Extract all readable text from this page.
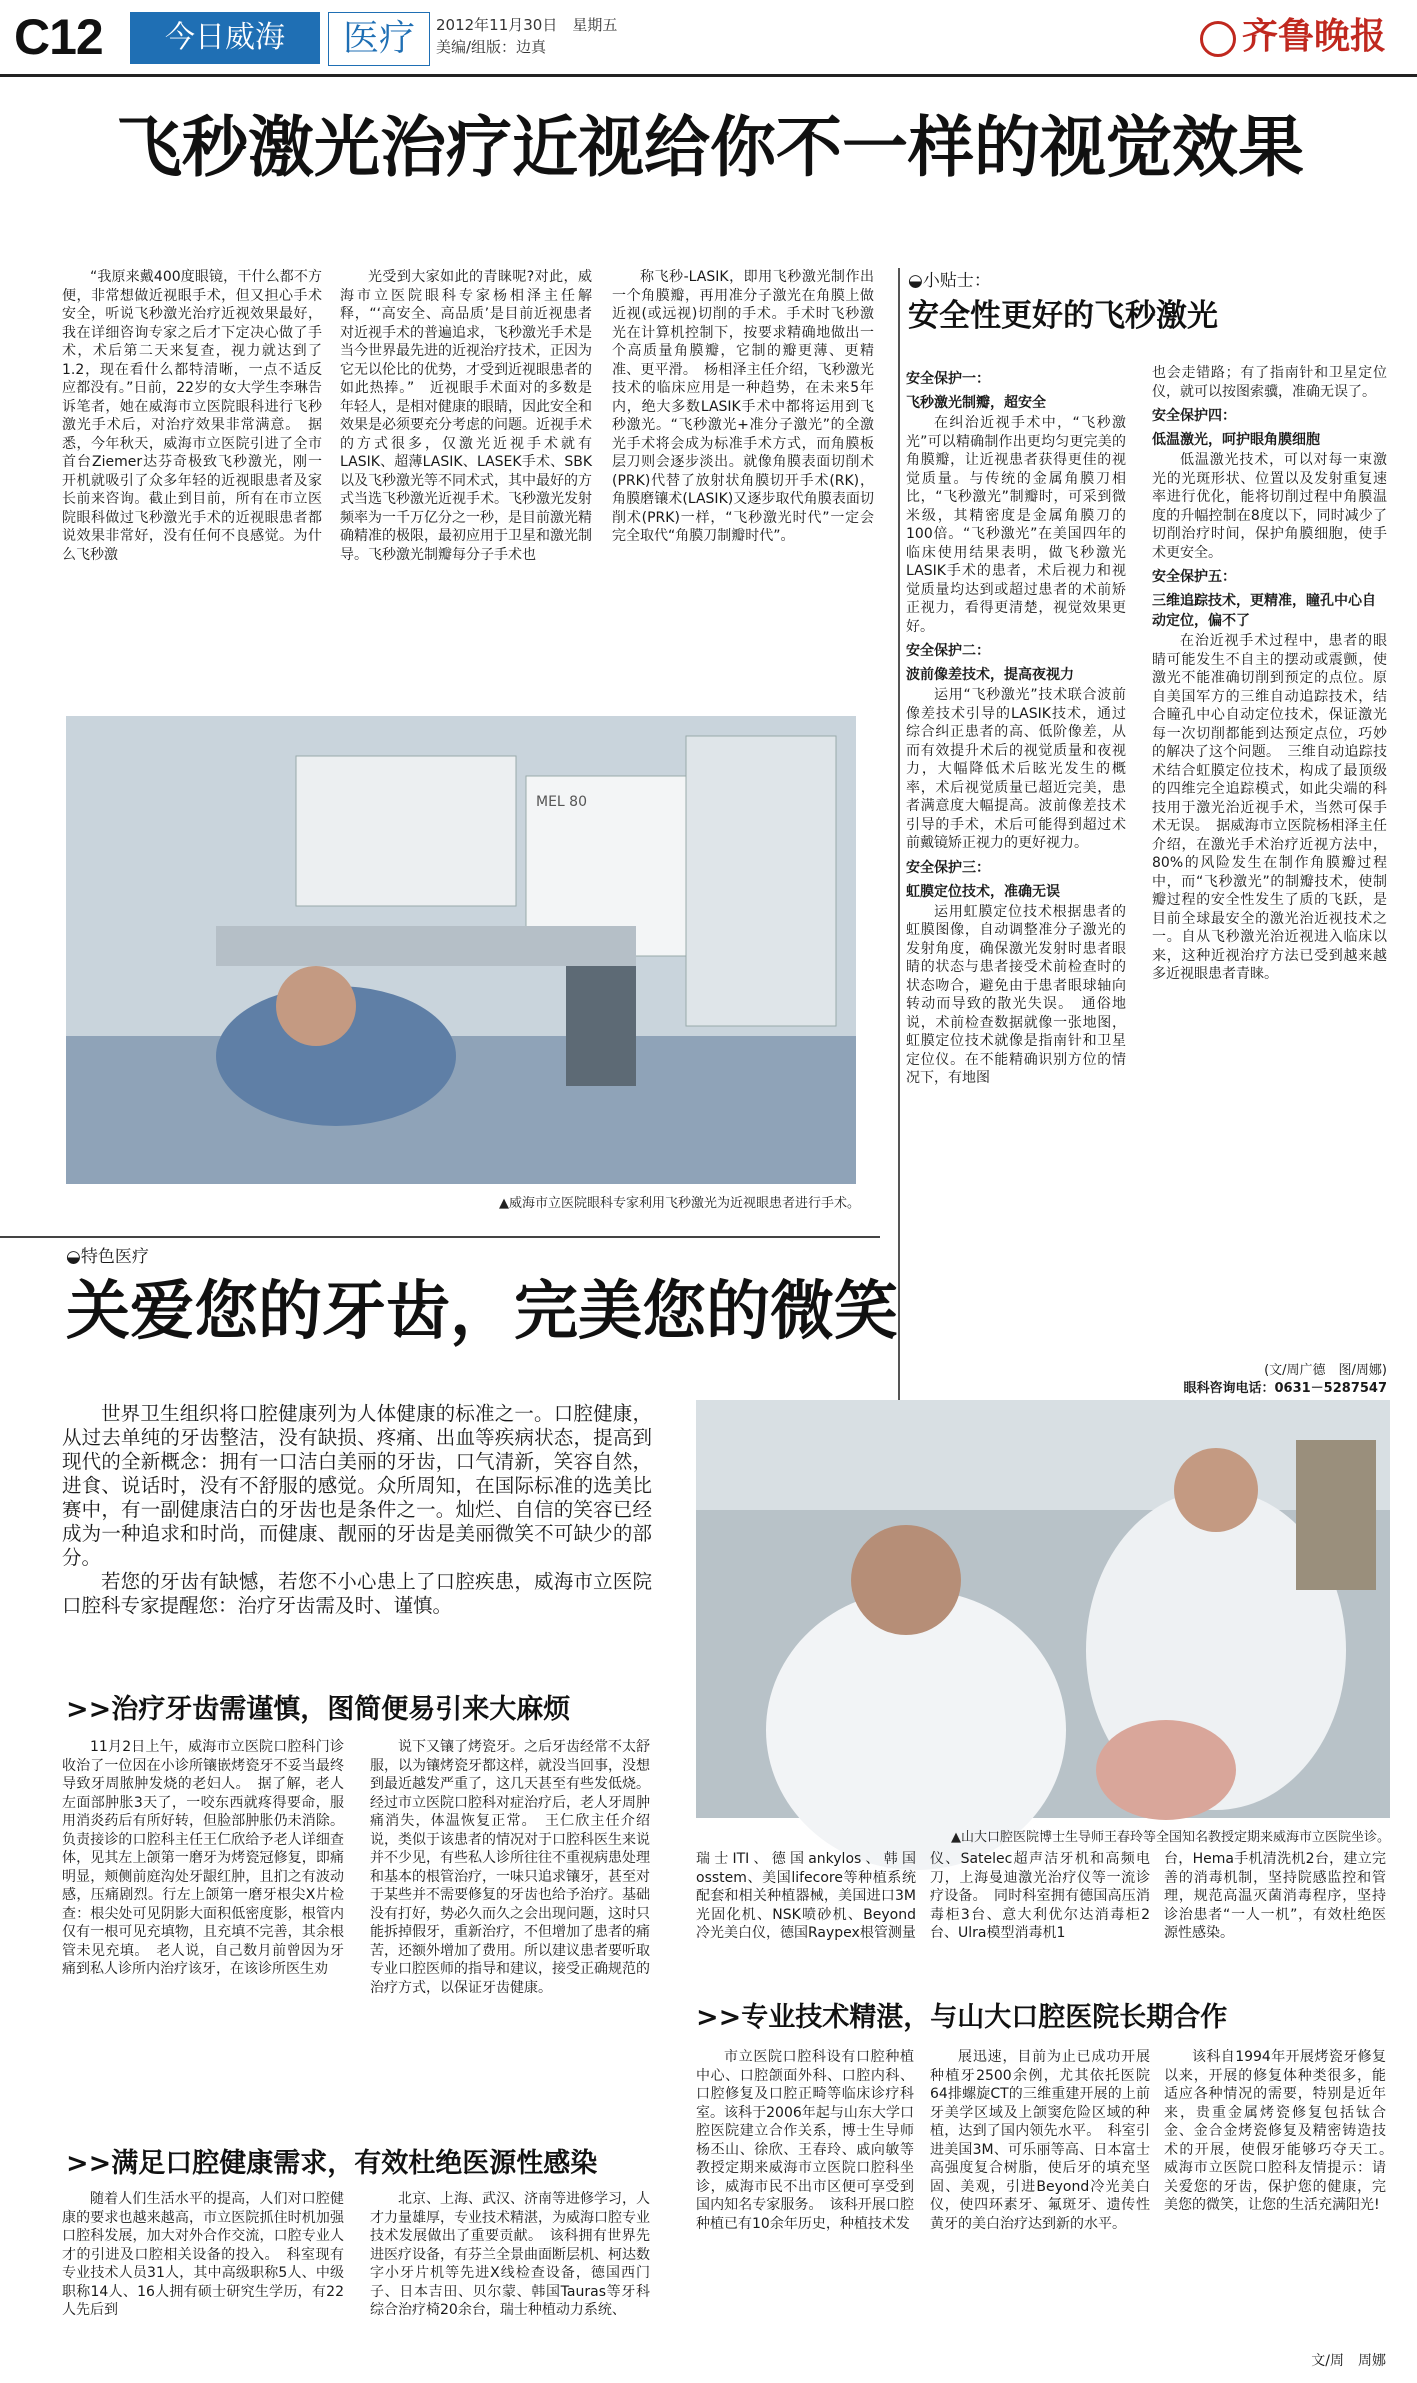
C12	今日威海	医疗	2012年11月30日　星期五
美编/组版：边真	齐鲁晚报
飞秒激光治疗近视给你不一样的视觉效果
“我原来戴400度眼镜，干什么都不方便，非常想做近视眼手术，但又担心手术安全，听说飞秒激光治疗近视效果最好，我在详细咨询专家之后才下定决心做了手术，术后第二天来复查，视力就达到了1.2，现在看什么都特清晰，一点不适反应都没有。”日前，22岁的女大学生李琳告诉笔者，她在威海市立医院眼科进行飞秒激光手术后，对治疗效果非常满意。　据悉，今年秋天，威海市立医院引进了全市首台Ziemer达芬奇极致飞秒激光，刚一开机就吸引了众多年轻的近视眼患者及家长前来咨询。截止到目前，所有在市立医院眼科做过飞秒激光手术的近视眼患者都说效果非常好，没有任何不良感觉。为什么飞秒激
光受到大家如此的青睐呢?对此，威海市立医院眼科专家杨相泽主任解释，“‘高安全、高品质’是目前近视患者对近视手术的普遍追求，飞秒激光手术是当今世界最先进的近视治疗技术，正因为它无以伦比的优势，才受到近视眼患者的如此热捧。”　近视眼手术面对的多数是年轻人，是相对健康的眼睛，因此安全和效果是必须要充分考虑的问题。近视手术的方式很多，仅激光近视手术就有LASIK、超薄LASIK、LASEK手术、SBK以及飞秒激光等不同术式，其中最好的方式当选飞秒激光近视手术。飞秒激光发射频率为一千万亿分之一秒，是目前激光精确精准的极限，最初应用于卫星和激光制导。飞秒激光制瓣每分子手术也
称飞秒-LASIK，即用飞秒激光制作出一个角膜瓣，再用准分子激光在角膜上做近视(或远视)切削的手术。手术时飞秒激光在计算机控制下，按要求精确地做出一个高质量角膜瓣，它制的瓣更薄、更精准、更平滑。　杨相泽主任介绍，飞秒激光技术的临床应用是一种趋势，在未来5年内，绝大多数LASIK手术中都将运用到飞秒激光。“飞秒激光+准分子激光”的全激光手术将会成为标准手术方式，而角膜板层刀则会逐步淡出。就像角膜表面切削术(PRK)代替了放射状角膜切开手术(RK)，角膜磨镶术(LASIK)又逐步取代角膜表面切削术(PRK)一样，“飞秒激光时代”一定会完全取代“角膜刀制瓣时代”。
MEL 80
▲威海市立医院眼科专家利用飞秒激光为近视眼患者进行手术。
◒小贴士：
安全性更好的飞秒激光
安全保护一：
飞秒激光制瓣，超安全

在纠治近视手术中，“飞秒激光”可以精确制作出更均匀更完美的角膜瓣，让近视患者获得更佳的视觉质量。与传统的金属角膜刀相比，“飞秒激光”制瓣时，可采到微米级，其精密度是金属角膜刀的100倍。“飞秒激光”在美国四年的临床使用结果表明，做飞秒激光LASIK手术的患者，术后视力和视觉质量均达到或超过患者的术前矫正视力，看得更清楚，视觉效果更好。

安全保护二：
波前像差技术，提高夜视力

运用“飞秒激光”技术联合波前像差技术引导的LASIK技术，通过综合纠正患者的高、低阶像差，从而有效提升术后的视觉质量和夜视力，大幅降低术后眩光发生的概率，术后视觉质量已超近完美，患者满意度大幅提高。波前像差技术引导的手术，术后可能得到超过术前戴镜矫正视力的更好视力。

安全保护三：
虹膜定位技术，准确无误

运用虹膜定位技术根据患者的虹膜图像，自动调整准分子激光的发射角度，确保激光发射时患者眼睛的状态与患者接受术前检查时的状态吻合，避免由于患者眼球轴向转动而导致的散光失误。　通俗地说，术前检查数据就像一张地图，虹膜定位技术就像是指南针和卫星定位仪。在不能精确识别方位的情况下，有地图

也会走错路；有了指南针和卫星定位仪，就可以按图索骥，准确无误了。

安全保护四：
低温激光，呵护眼角膜细胞

低温激光技术，可以对每一束激光的光斑形状、位置以及发射重复速率进行优化，能将切削过程中角膜温度的升幅控制在8度以下，同时减少了切削治疗时间，保护角膜细胞，使手术更安全。

安全保护五：
三维追踪技术，更精准，瞳孔中心自动定位，偏不了

在治近视手术过程中，患者的眼睛可能发生不自主的摆动或震颤，使激光不能准确切削到预定的点位。原自美国军方的三维自动追踪技术，结合瞳孔中心自动定位技术，保证激光每一次切削都能到达预定点位，巧妙的解决了这个问题。　三维自动追踪技术结合虹膜定位技术，构成了最顶级的四维完全追踪模式，如此尖端的科技用于激光治近视手术，当然可保手术无误。　据威海市立医院杨相泽主任介绍，在激光手术治疗近视方法中，80%的风险发生在制作角膜瓣过程中，而“飞秒激光”的制瓣技术，使制瓣过程的安全性发生了质的飞跃，是目前全球最安全的激光治近视技术之一。自从飞秒激光治近视进入临床以来，这种近视治疗方法已受到越来越多近视眼患者青睐。

(文/周广德　图/周娜)
眼科咨询电话：0631－5287547
◒特色医疗
关爱您的牙齿，完美您的微笑

世界卫生组织将口腔健康列为人体健康的标准之一。口腔健康，从过去单纯的牙齿整洁，没有缺损、疼痛、出血等疾病状态，提高到现代的全新概念：拥有一口洁白美丽的牙齿，口气清新，笑容自然，进食、说话时，没有不舒服的感觉。众所周知，在国际标准的选美比赛中，有一副健康洁白的牙齿也是条件之一。灿烂、自信的笑容已经成为一种追求和时尚，而健康、靓丽的牙齿是美丽微笑不可缺少的部分。

若您的牙齿有缺憾，若您不小心患上了口腔疾患，威海市立医院口腔科专家提醒您：治疗牙齿需及时、谨慎。

▲山大口腔医院博士生导师王春玲等全国知名教授定期来威海市立医院坐诊。
>>治疗牙齿需谨慎，图简便易引来大麻烦
11月2日上午，威海市立医院口腔科门诊收治了一位因在小诊所镶嵌烤瓷牙不妥当最终导致牙周脓肿发烧的老妇人。　据了解，老人左面部肿胀3天了，一咬东西就疼得要命，服用消炎药后有所好转，但脸部肿胀仍未消除。负责接诊的口腔科主任王仁欣给予老人详细查体，见其左上颌第一磨牙为烤瓷冠修复，即痛明显，颊侧前庭沟处牙龈红肿，且扪之有波动感，压痛剧烈。行左上颌第一磨牙根尖X片检查：根尖处可见阴影大面积低密度影，根管内仅有一根可见充填物，且充填不完善，其余根管未见充填。　老人说，自己数月前曾因为牙痛到私人诊所内治疗该牙，在该诊所医生劝
说下又镶了烤瓷牙。之后牙齿经常不太舒服，以为镶烤瓷牙都这样，就没当回事，没想到最近越发严重了，这几天甚至有些发低烧。经过市立医院口腔科对症治疗后，老人牙周肿痛消失，体温恢复正常。　王仁欣主任介绍说，类似于该患者的情况对于口腔科医生来说并不少见，有些私人诊所往往不重视病患处理和基本的根管治疗，一味只追求镶牙，甚至对于某些并不需要修复的牙齿也给予治疗。基础没有打好，势必久而久之会出现问题，这时只能拆掉假牙，重新治疗，不但增加了患者的痛苦，还额外增加了费用。所以建议患者要听取专业口腔医师的指导和建议，接受正确规范的治疗方式，以保证牙齿健康。
>>满足口腔健康需求，有效杜绝医源性感染
随着人们生活水平的提高，人们对口腔健康的要求也越来越高，市立医院抓住时机加强口腔科发展，加大对外合作交流，口腔专业人才的引进及口腔相关设备的投入。　科室现有专业技术人员31人，其中高级职称5人、中级职称14人、16人拥有硕士研究生学历，有22人先后到
北京、上海、武汉、济南等进修学习，人才力量雄厚，专业技术精湛，为威海口腔专业技术发展做出了重要贡献。　该科拥有世界先进医疗设备，有芬兰全景曲面断层机、柯达数字小牙片机等先进X线检查设备，德国西门子、日本吉田、贝尔蒙、韩国Tauras等牙科综合治疗椅20余台，瑞士种植动力系统、
瑞士ITI、德国ankylos、韩国osstem、美国lifecore等种植系统配套和相关种植器械，美国进口3M光固化机、NSK喷砂机、Beyond冷光美白仪，德国Raypex根管测量
仪、Satelec超声洁牙机和高频电刀，上海曼迪激光治疗仪等一流诊疗设备。　同时科室拥有德国高压消毒柜3台、意大利优尔达消毒柜2台、Ulra模型消毒机1
台，Hema手机清洗机2台，建立完善的消毒机制，坚持院感监控和管理，规范高温灭菌消毒程序，坚持诊治患者“一人一机”，有效杜绝医源性感染。
>>专业技术精湛，与山大口腔医院长期合作
市立医院口腔科设有口腔种植中心、口腔颌面外科、口腔内科、口腔修复及口腔正畸等临床诊疗科室。该科于2006年起与山东大学口腔医院建立合作关系，博士生导师杨丕山、徐欣、王春玲、戚向敏等教授定期来威海市立医院口腔科坐诊，威海市民不出市区便可享受到国内知名专家服务。　该科开展口腔种植已有10余年历史，种植技术发
展迅速，目前为止已成功开展种植牙2500余例，尤其依托医院64排螺旋CT的三维重建开展的上前牙美学区域及上颌窦危险区域的种植，达到了国内领先水平。　科室引进美国3M、可乐丽等高、日本富士高强度复合树脂，使后牙的填充坚固、美观，引进Beyond冷光美白仪，使四环素牙、氟斑牙、遗传性黄牙的美白治疗达到新的水平。
该科自1994年开展烤瓷牙修复以来，开展的修复体种类很多，能适应各种情况的需要，特别是近年来，贵重金属烤瓷修复包括钛合金、金合金烤瓷修复及精密铸造技术的开展，使假牙能够巧夺天工。　威海市立医院口腔科友情提示：请关爱您的牙齿，保护您的健康，完美您的微笑，让您的生活充满阳光!
文/周　周娜
